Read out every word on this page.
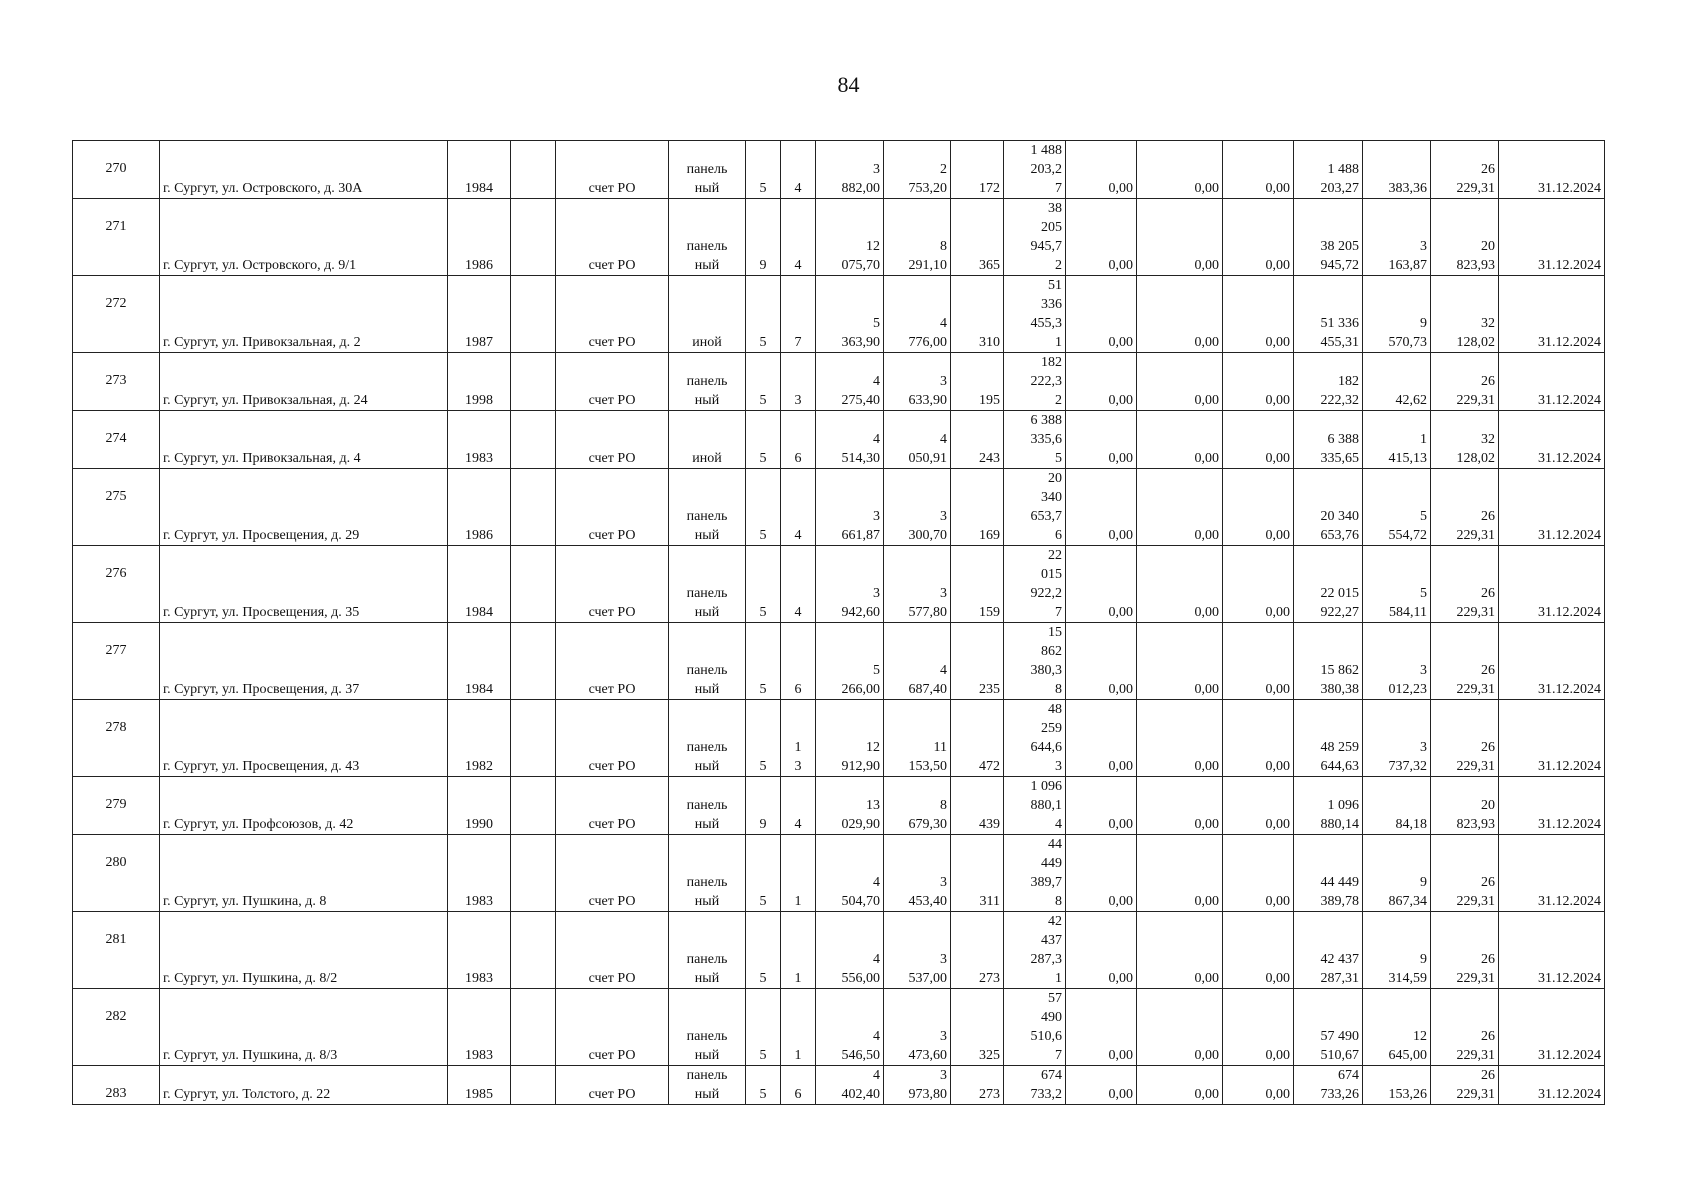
84
270	г. Сургут, ул. Островского, д. 30А	1984		счет РО	панель
ный	5	4	3
882,00	2
753,20	172	1 488
203,2
7	0,00	0,00	0,00	1 488
203,27	383,36	26
229,31	31.12.2024

271	г. Сургут, ул. Островского, д. 9/1	1986		счет РО	панель
ный	9	4	12
075,70	8
291,10	365	38
205
945,7
2	0,00	0,00	0,00	38 205
945,72	3
163,87	20
823,93	31.12.2024

272	г. Сургут, ул. Привокзальная, д. 2	1987		счет РО	иной	5	7	5
363,90	4
776,00	310	51
336
455,3
1	0,00	0,00	0,00	51 336
455,31	9
570,73	32
128,02	31.12.2024

273	г. Сургут, ул. Привокзальная, д. 24	1998		счет РО	панель
ный	5	3	4
275,40	3
633,90	195	182
222,3
2	0,00	0,00	0,00	182
222,32	42,62	26
229,31	31.12.2024

274	г. Сургут, ул. Привокзальная, д. 4	1983		счет РО	иной	5	6	4
514,30	4
050,91	243	6 388
335,6
5	0,00	0,00	0,00	6 388
335,65	1
415,13	32
128,02	31.12.2024

275	г. Сургут, ул. Просвещения, д. 29	1986		счет РО	панель
ный	5	4	3
661,87	3
300,70	169	20
340
653,7
6	0,00	0,00	0,00	20 340
653,76	5
554,72	26
229,31	31.12.2024

276	г. Сургут, ул. Просвещения, д. 35	1984		счет РО	панель
ный	5	4	3
942,60	3
577,80	159	22
015
922,2
7	0,00	0,00	0,00	22 015
922,27	5
584,11	26
229,31	31.12.2024

277	г. Сургут, ул. Просвещения, д. 37	1984		счет РО	панель
ный	5	6	5
266,00	4
687,40	235	15
862
380,3
8	0,00	0,00	0,00	15 862
380,38	3
012,23	26
229,31	31.12.2024

278	г. Сургут, ул. Просвещения, д. 43	1982		счет РО	панель
ный	5	1
3	12
912,90	11
153,50	472	48
259
644,6
3	0,00	0,00	0,00	48 259
644,63	3
737,32	26
229,31	31.12.2024

279	г. Сургут, ул. Профсоюзов, д. 42	1990		счет РО	панель
ный	9	4	13
029,90	8
679,30	439	1 096
880,1
4	0,00	0,00	0,00	1 096
880,14	84,18	20
823,93	31.12.2024

280	г. Сургут, ул. Пушкина, д. 8	1983		счет РО	панель
ный	5	1	4
504,70	3
453,40	311	44
449
389,7
8	0,00	0,00	0,00	44 449
389,78	9
867,34	26
229,31	31.12.2024

281	г. Сургут, ул. Пушкина, д. 8/2	1983		счет РО	панель
ный	5	1	4
556,00	3
537,00	273	42
437
287,3
1	0,00	0,00	0,00	42 437
287,31	9
314,59	26
229,31	31.12.2024

282	г. Сургут, ул. Пушкина, д. 8/3	1983		счет РО	панель
ный	5	1	4
546,50	3
473,60	325	57
490
510,6
7	0,00	0,00	0,00	57 490
510,67	12
645,00	26
229,31	31.12.2024

283	г. Сургут, ул. Толстого, д. 22	1985		счет РО	панель
ный	5	6	4
402,40	3
973,80	273	674
733,2	0,00	0,00	0,00	674
733,26	153,26	26
229,31	31.12.2024
